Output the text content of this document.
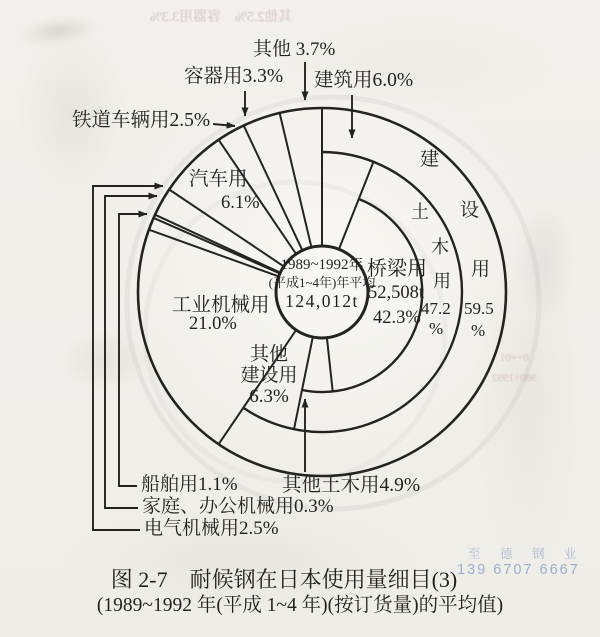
其他2.5%　容器用3.3%
0÷+01
980÷1992
其他 3.7%
容器用3.3% 建筑用6.0%
铁道车辆用2.5%
船舶用1.1%
家庭、办公机械用0.3%
电气机械用2.5%
其他土木用4.9%
汽车用
6.1%
工业机械用
21.0%
桥梁用
52,508t
42.3%
其他
建设用
6.3%
土
木
用
47.2
%
建
设
用
59.5
%
1989~1992年
(平成1~4年)年平均
124,012t
图 2-7　耐候钢在日本使用量细目(3)
(1989~1992 年(平成 1~4 年)(按订货量)的平均值)
至 德 钢 业
139 6707 6667
